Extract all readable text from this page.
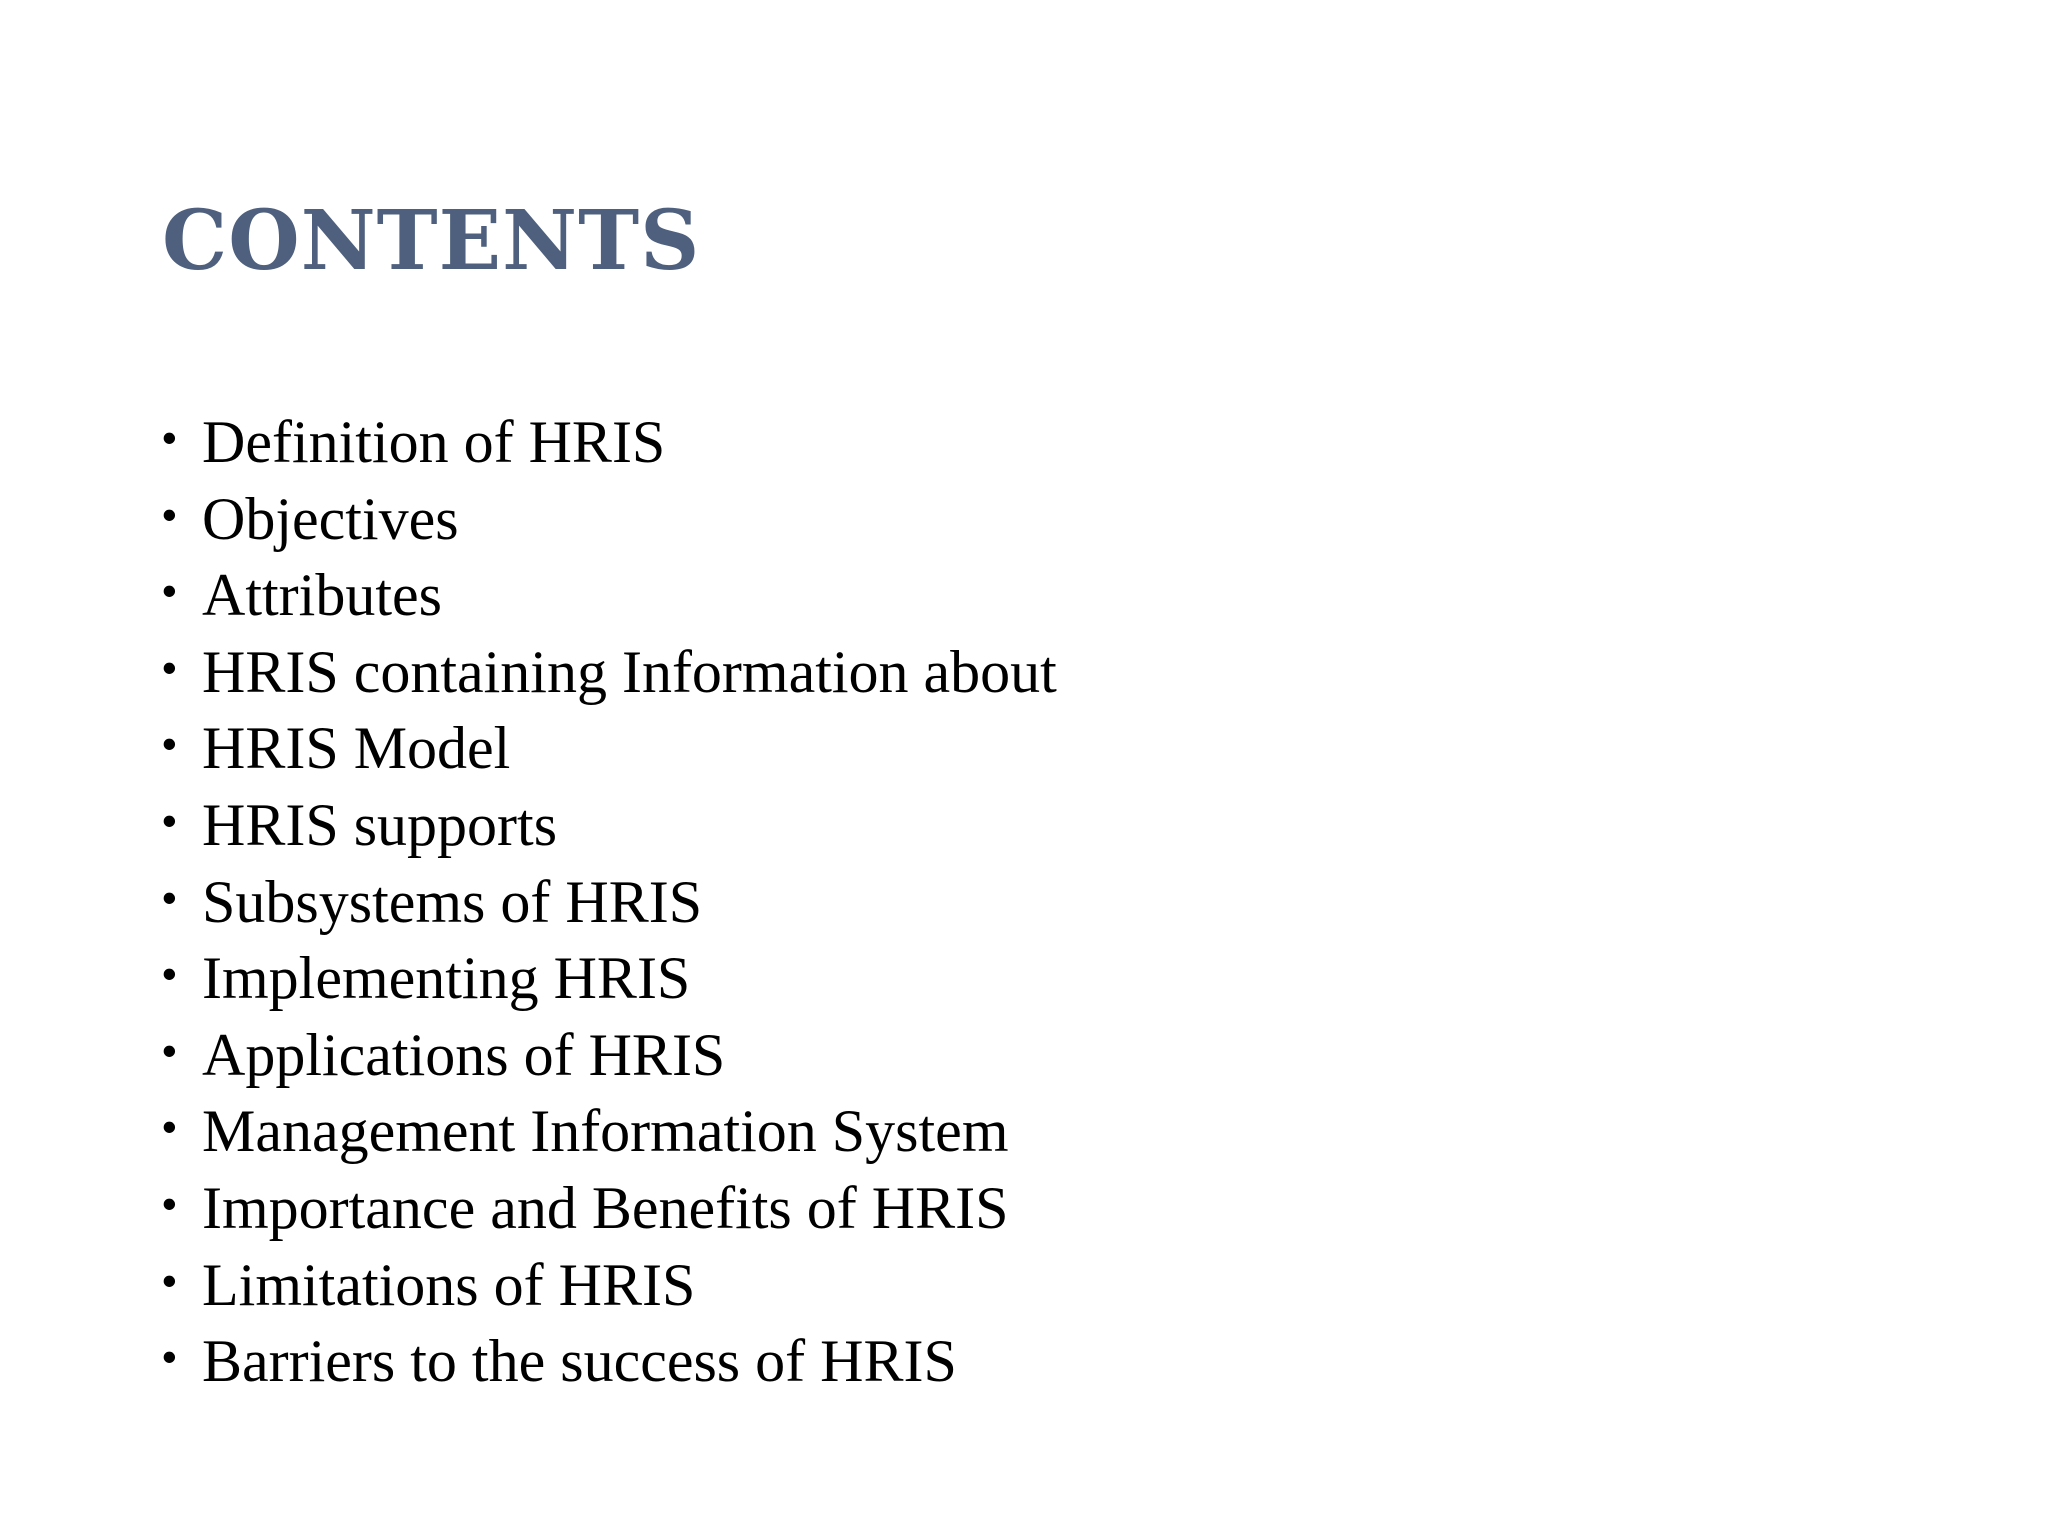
CONTENTS
• Definition of HRIS
• Objectives
• Attributes
• HRIS containing Information about
• HRIS Model
• HRIS supports
• Subsystems of HRIS
• Implementing HRIS
• Applications of HRIS
• Management Information System
• Importance and Benefits of HRIS
• Limitations of HRIS
• Barriers to the success of HRIS
